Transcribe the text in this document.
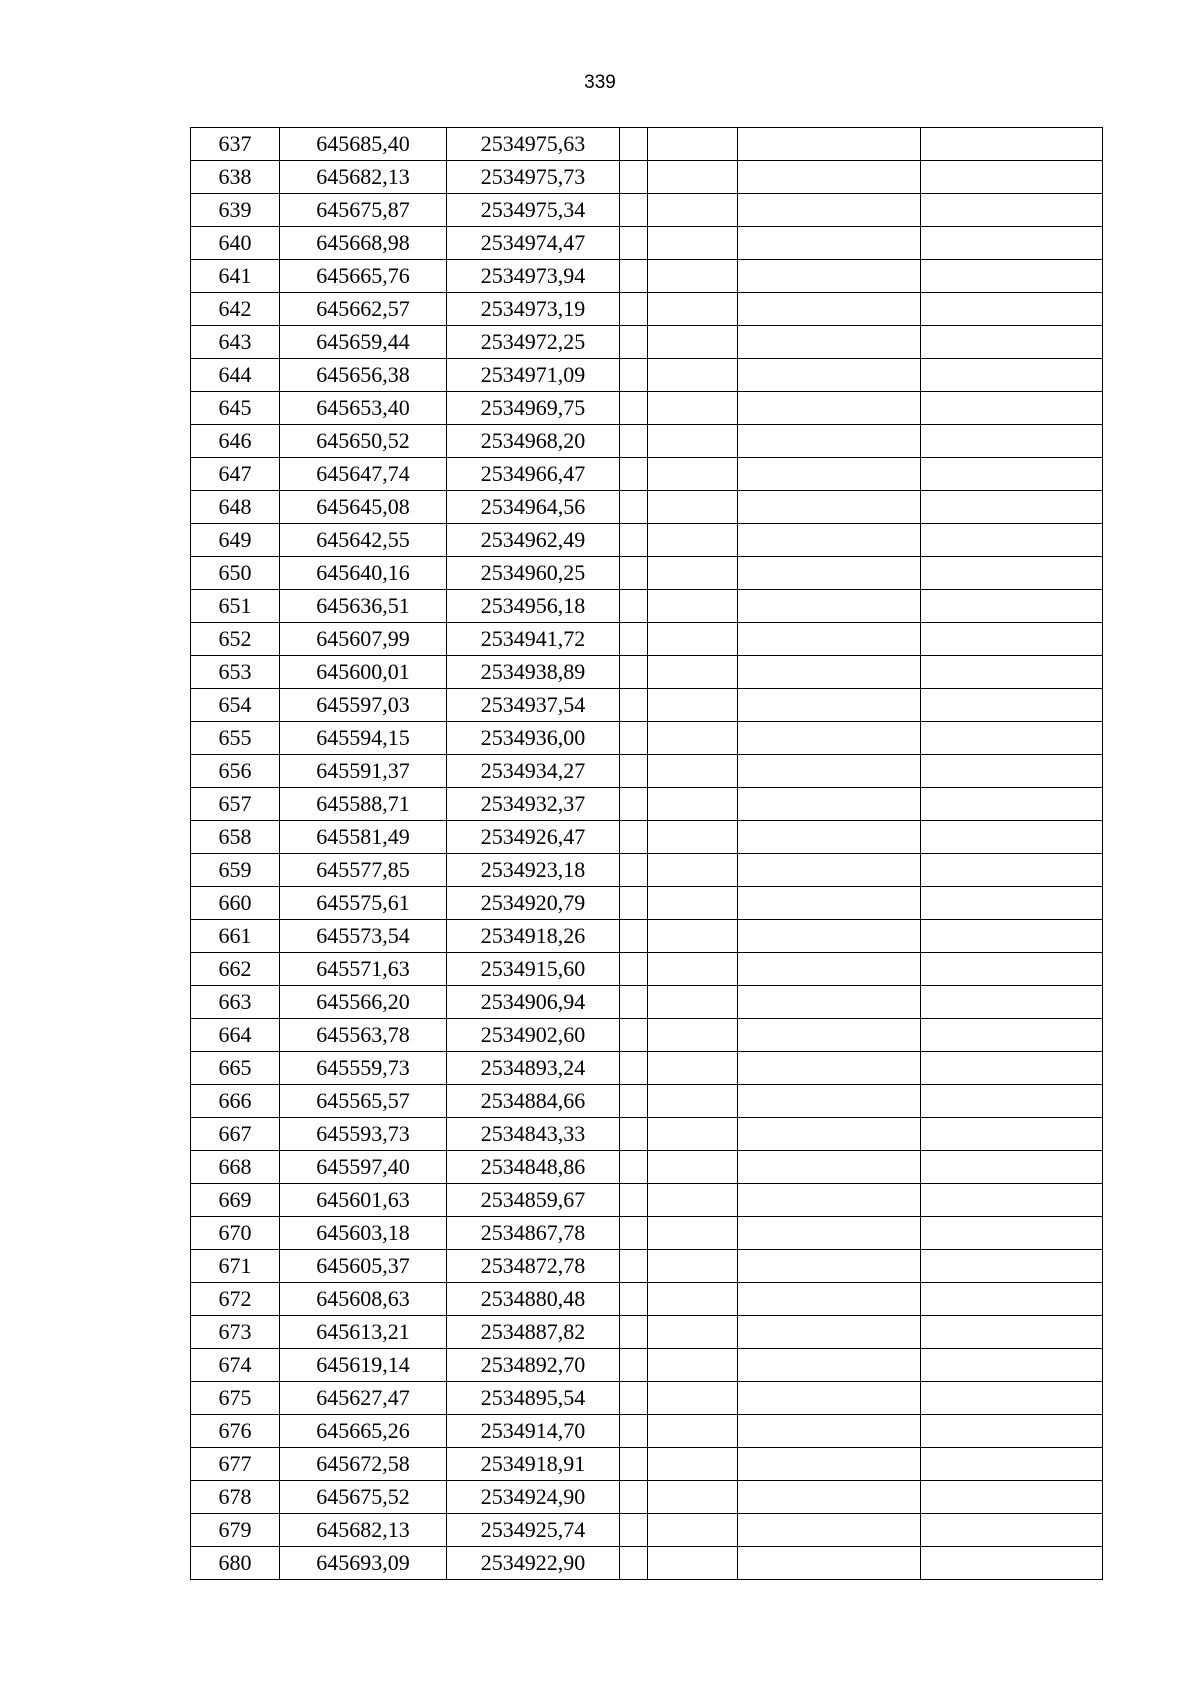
339
637	645685,40	2534975,63				
638	645682,13	2534975,73				
639	645675,87	2534975,34				
640	645668,98	2534974,47				
641	645665,76	2534973,94				
642	645662,57	2534973,19				
643	645659,44	2534972,25				
644	645656,38	2534971,09				
645	645653,40	2534969,75				
646	645650,52	2534968,20				
647	645647,74	2534966,47				
648	645645,08	2534964,56				
649	645642,55	2534962,49				
650	645640,16	2534960,25				
651	645636,51	2534956,18				
652	645607,99	2534941,72				
653	645600,01	2534938,89				
654	645597,03	2534937,54				
655	645594,15	2534936,00				
656	645591,37	2534934,27				
657	645588,71	2534932,37				
658	645581,49	2534926,47				
659	645577,85	2534923,18				
660	645575,61	2534920,79				
661	645573,54	2534918,26				
662	645571,63	2534915,60				
663	645566,20	2534906,94				
664	645563,78	2534902,60				
665	645559,73	2534893,24				
666	645565,57	2534884,66				
667	645593,73	2534843,33				
668	645597,40	2534848,86				
669	645601,63	2534859,67				
670	645603,18	2534867,78				
671	645605,37	2534872,78				
672	645608,63	2534880,48				
673	645613,21	2534887,82				
674	645619,14	2534892,70				
675	645627,47	2534895,54				
676	645665,26	2534914,70				
677	645672,58	2534918,91				
678	645675,52	2534924,90				
679	645682,13	2534925,74				
680	645693,09	2534922,90				
